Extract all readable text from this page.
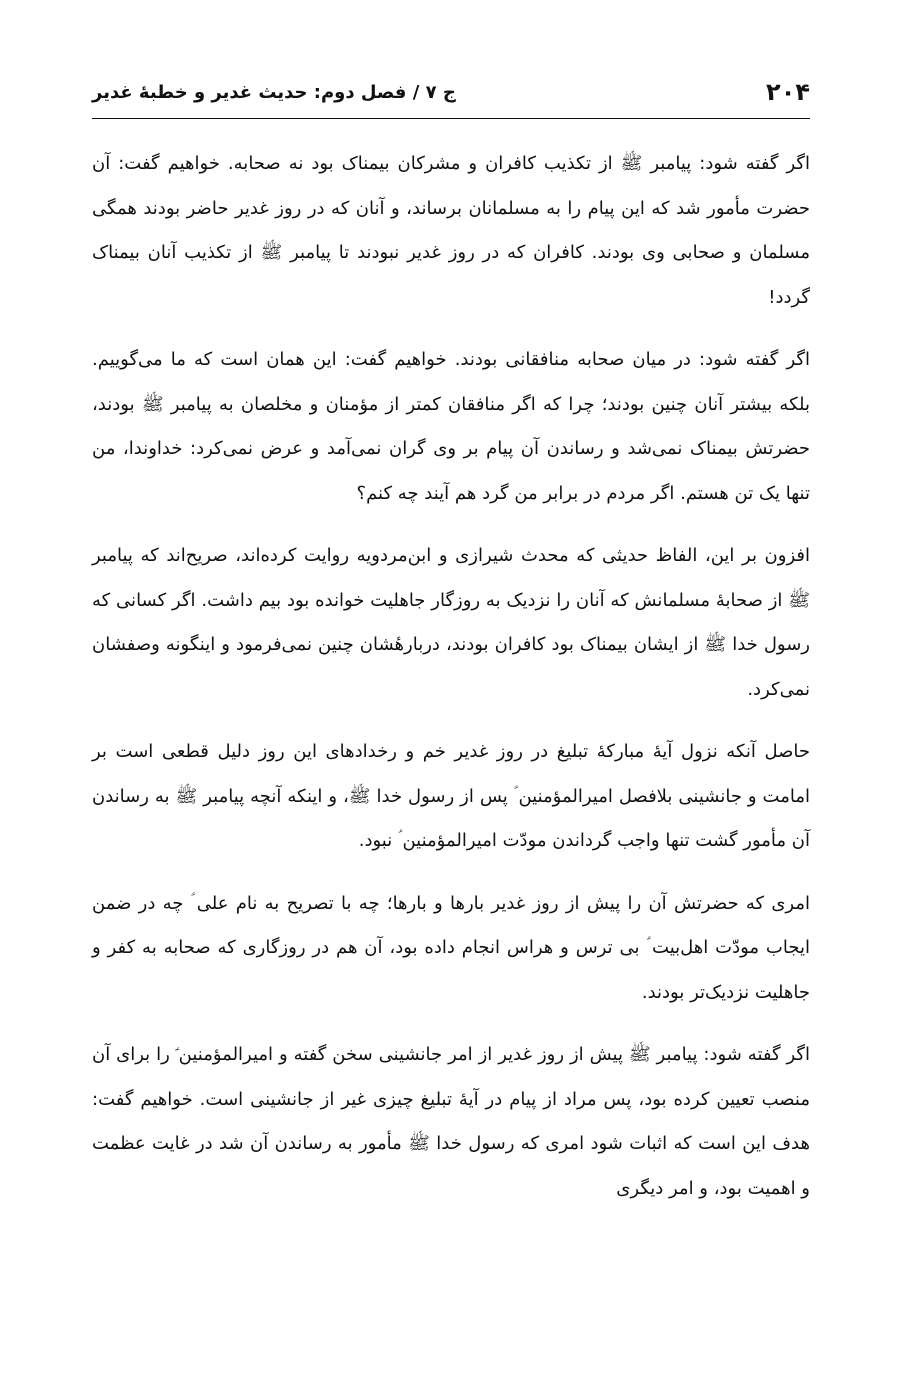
۲۰۴
ج ۷ / فصل دوم: حدیث غدیر و خطبهٔ غدیر

اگر گفته شود: پیامبر ﷺ از تکذیب کافران و مشرکان بیمناک بود نه صحابه. خواهیم گفت: آن حضرت مأمور شد که این پیام را به مسلمانان برساند، و آنان که در روز غدیر حاضر بودند همگی مسلمان و صحابی وی بودند. کافران که در روز غدیر نبودند تا پیامبر ﷺ از تکذیب آنان بیمناک گردد!

اگر گفته شود: در میان صحابه منافقانی بودند. خواهیم گفت: این همان است که ما می‌گوییم. بلکه بیشتر آنان چنین بودند؛ چرا که اگر منافقان کمتر از مؤمنان و مخلصان به پیامبر ﷺ بودند، حضرتش بیمناک نمی‌شد و رساندن آن پیام بر وی گران نمی‌آمد و عرض نمی‌کرد: خداوندا، من تنها یک تن هستم. اگر مردم در برابر من گرد هم آیند چه کنم؟

افزون بر این، الفاظ حدیثی که محدث شیرازی و ابن‌مردویه روایت کرده‌اند، صریح‌اند که پیامبر ﷺ از صحابهٔ مسلمانش که آنان را نزدیک به روزگار جاهلیت خوانده بود بیم داشت. اگر کسانی که رسول خدا ﷺ از ایشان بیمناک بود کافران بودند، دربارهٔشان چنین نمی‌فرمود و اینگونه وصفشان نمی‌کرد.

حاصل آنکه نزول آیهٔ مبارکهٔ تبلیغ در روز غدیر خم و رخدادهای این روز دلیل قطعی است بر امامت و جانشینی بلافصل امیرالمؤمنین ؑ پس از رسول خدا ﷺ، و اینکه آنچه پیامبر ﷺ به رساندن آن مأمور گشت تنها واجب گرداندن مودّت امیرالمؤمنین ؑ نبود.

امری که حضرتش آن را پیش از روز غدیر بارها و بارها؛ چه با تصریح به نام علی ؑ چه در ضمن ایجاب مودّت اهل‌بیت ؑ بی ترس و هراس انجام داده بود، آن هم در روزگاری که صحابه به کفر و جاهلیت نزدیک‌تر بودند.

اگر گفته شود: پیامبر ﷺ پیش از روز غدیر از امر جانشینی سخن گفته و امیرالمؤمنین ؑ را برای آن منصب تعیین کرده بود، پس مراد از پیام در آیهٔ تبلیغ چیزی غیر از جانشینی است. خواهیم گفت: هدف این است که اثبات شود امری که رسول خدا ﷺ مأمور به رساندن آن شد در غایت عظمت و اهمیت بود، و امر دیگری
